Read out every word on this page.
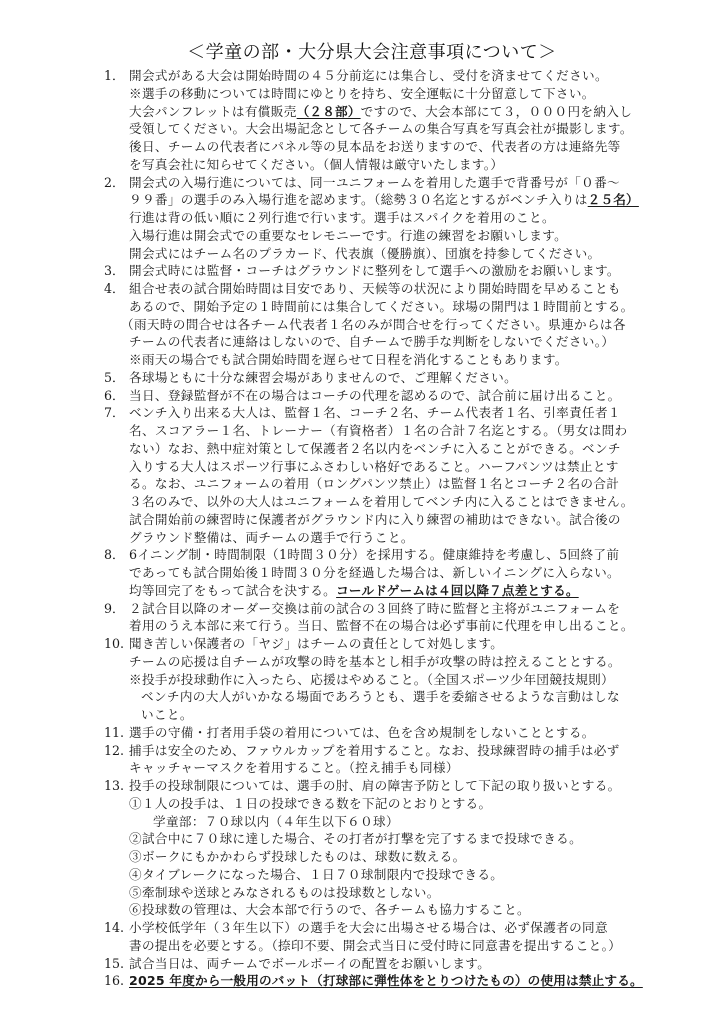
＜学童の部・大分県大会注意事項について＞
1． 開会式がある大会は開始時間の４５分前迄には集合し、受付を済ませてください。
※選手の移動については時間にゆとりを持ち、安全運転に十分留意して下さい。
大会パンフレットは有償販売（２８部）ですので、大会本部にて３，０００円を納入し
受領してください。大会出場記念として各チームの集合写真を写真会社が撮影します。
後日、チームの代表者にパネル等の見本品をお送りますので、代表者の方は連絡先等
を写真会社に知らせてください。（個人情報は厳守いたします。）
2． 開会式の入場行進については、同一ユニフォームを着用した選手で背番号が「０番～
９９番」の選手のみ入場行進を認めます。（総勢３０名迄とするがベンチ入りは２５名）
行進は背の低い順に２列行進で行います。選手はスパイクを着用のこと。
入場行進は開会式での重要なセレモニーです。行進の練習をお願いします。
開会式にはチーム名のプラカード、代表旗（優勝旗）、団旗を持参してください。
3． 開会式時には監督・コーチはグラウンドに整列をして選手への激励をお願いします。
4． 組合せ表の試合開始時間は目安であり、天候等の状況により開始時間を早めることも
あるので、開始予定の１時間前には集合してください。球場の開門は１時間前とする。
（雨天時の問合せは各チーム代表者１名のみが問合せを行ってください。県連からは各
チームの代表者に連絡はしないので、自チームで勝手な判断をしないでください。）
※雨天の場合でも試合開始時間を遅らせて日程を消化することもあります。
5． 各球場ともに十分な練習会場がありませんので、ご理解ください。
6． 当日、登録監督が不在の場合はコーチの代理を認めるので、試合前に届け出ること。
7． ベンチ入り出来る大人は、監督１名、コーチ２名、チーム代表者１名、引率責任者１
名、スコアラー１名、トレーナー（有資格者）１名の合計７名迄とする。（男女は問わ
ない）なお、熱中症対策として保護者２名以内をベンチに入ることができる。ベンチ
入りする大人はスポーツ行事にふさわしい格好であること。ハーフパンツは禁止とす
る。なお、ユニフォームの着用（ロングパンツ禁止）は監督１名とコーチ２名の合計
３名のみで、以外の大人はユニフォームを着用してベンチ内に入ることはできません。
試合開始前の練習時に保護者がグラウンド内に入り練習の補助はできない。試合後の
グラウンド整備は、両チームの選手で行うこと。
8． 6イニング制・時間制限（1時間３０分）を採用する。健康維持を考慮し、5回終了前
であっても試合開始後１時間３０分を経過した場合は、新しいイニングに入らない。
均等回完了をもって試合を決する。コールドゲームは４回以降７点差とする。
9． ２試合目以降のオーダー交換は前の試合の３回終了時に監督と主将がユニフォームを
着用のうえ本部に来て行う。当日、監督不在の場合は必ず事前に代理を申し出ること。
10. 聞き苦しい保護者の「ヤジ」はチームの責任として対処します。
チームの応援は自チームが攻撃の時を基本とし相手が攻撃の時は控えることとする。
※投手が投球動作に入ったら、応援はやめること。（全国スポーツ少年団競技規則）
ベンチ内の大人がいかなる場面であろうとも、選手を委縮させるような言動はしな
いこと。
11. 選手の守備・打者用手袋の着用については、色を含め規制をしないこととする。
12. 捕手は安全のため、ファウルカップを着用すること。なお、投球練習時の捕手は必ず
キャッチャーマスクを着用すること。（控え捕手も同様）
13. 投手の投球制限については、選手の肘、肩の障害予防として下記の取り扱いとする。
①１人の投手は、１日の投球できる数を下記のとおりとする。
学童部：７０球以内（４年生以下６０球）
②試合中に７０球に達した場合、その打者が打撃を完了するまで投球できる。
③ボークにもかかわらず投球したものは、球数に数える。
④タイブレークになった場合、１日７０球制限内で投球できる。
⑤牽制球や送球とみなされるものは投球数としない。
⑥投球数の管理は、大会本部で行うので、各チームも協力すること。
14. 小学校低学年（３年生以下）の選手を大会に出場させる場合は、必ず保護者の同意
書の提出を必要とする。（捺印不要、開会式当日に受付時に同意書を提出すること。）
15. 試合当日は、両チームでボールボーイの配置をお願いします。
16. 2025 年度から一般用のバット（打球部に弾性体をとりつけたもの）の使用は禁止する。
